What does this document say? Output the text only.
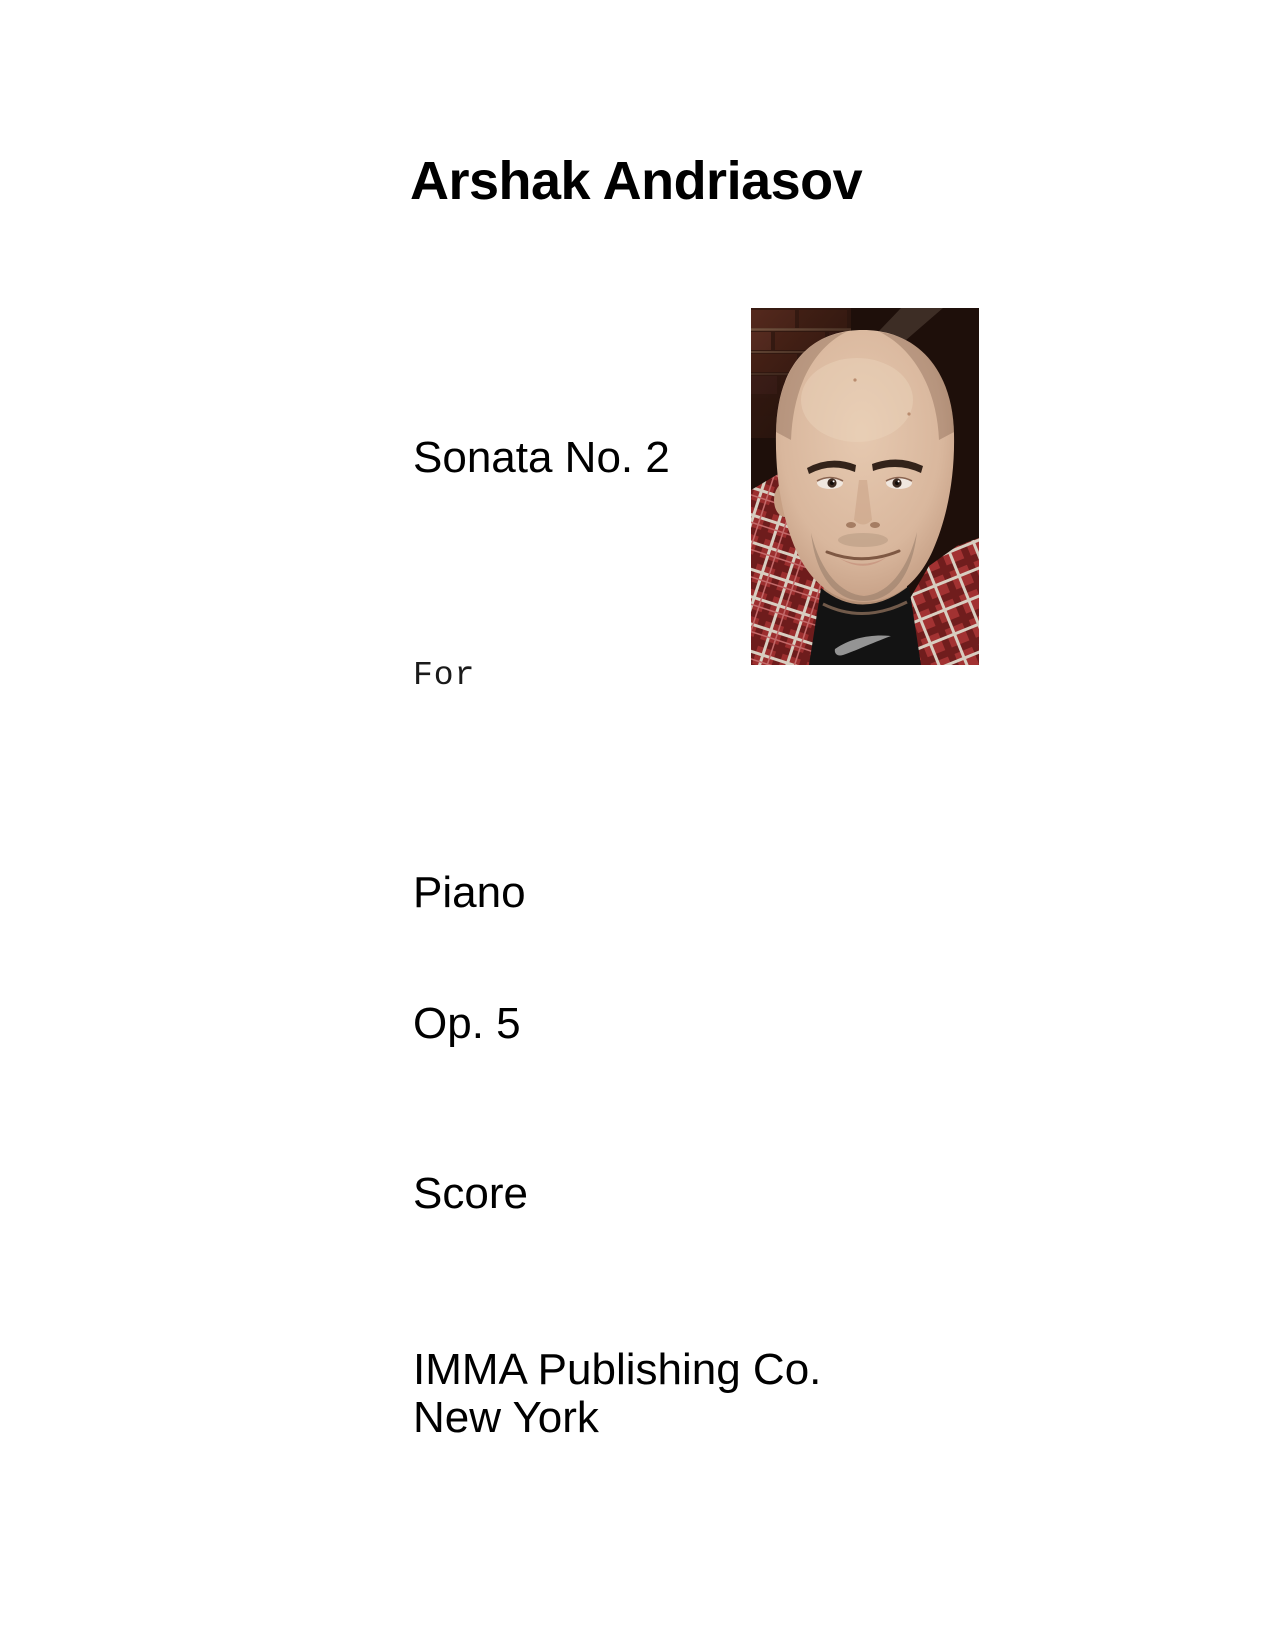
Arshak Andriasov
Sonata No. 2
For
Piano
Op. 5
Score
IMMA Publishing Co.
New York
